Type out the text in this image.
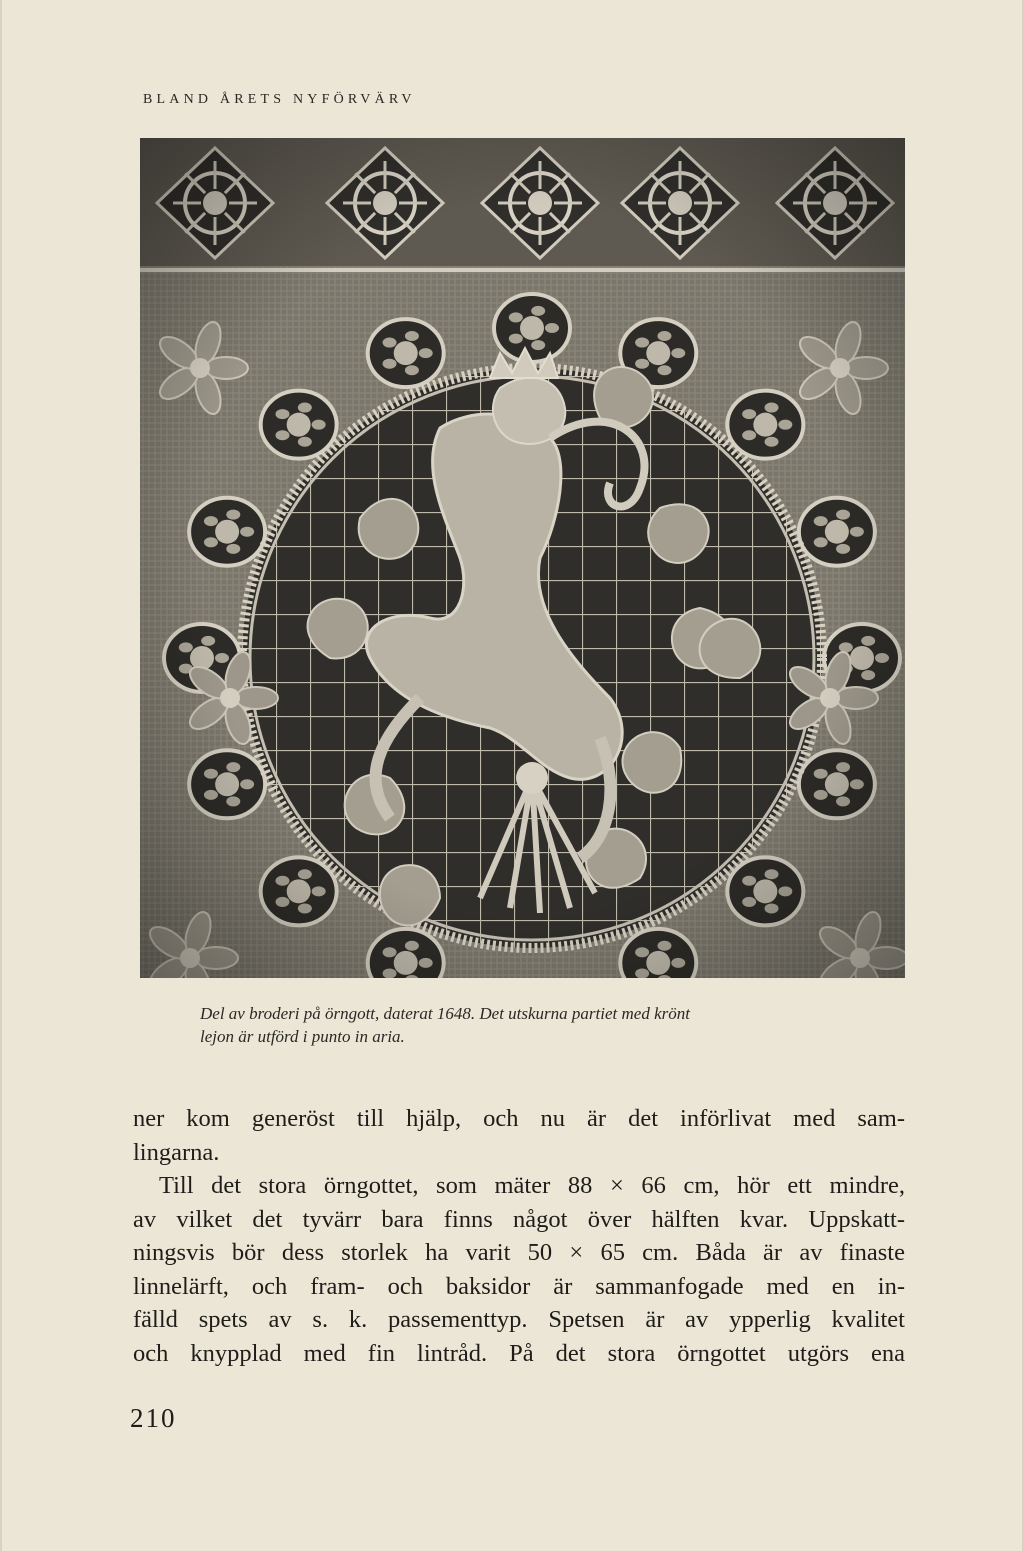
BLAND ÅRETS NYFÖRVÄRV

Del av broderi på örngott, daterat 1648. Det utskurna partiet med krönt

lejon är utförd i punto in aria.

ner kom generöst till hjälp, och nu är det införlivat med sam-
lingarna.
Till det stora örngottet, som mäter 88 × 66 cm, hör ett mindre,
av vilket det tyvärr bara finns något över hälften kvar. Uppskatt-
ningsvis bör dess storlek ha varit 50 × 65 cm. Båda är av finaste
linnelärft, och fram- och baksidor är sammanfogade med en in-
fälld spets av s. k. passementtyp. Spetsen är av ypperlig kvalitet
och knypplad med fin lintråd. På det stora örngottet utgörs ena
210
